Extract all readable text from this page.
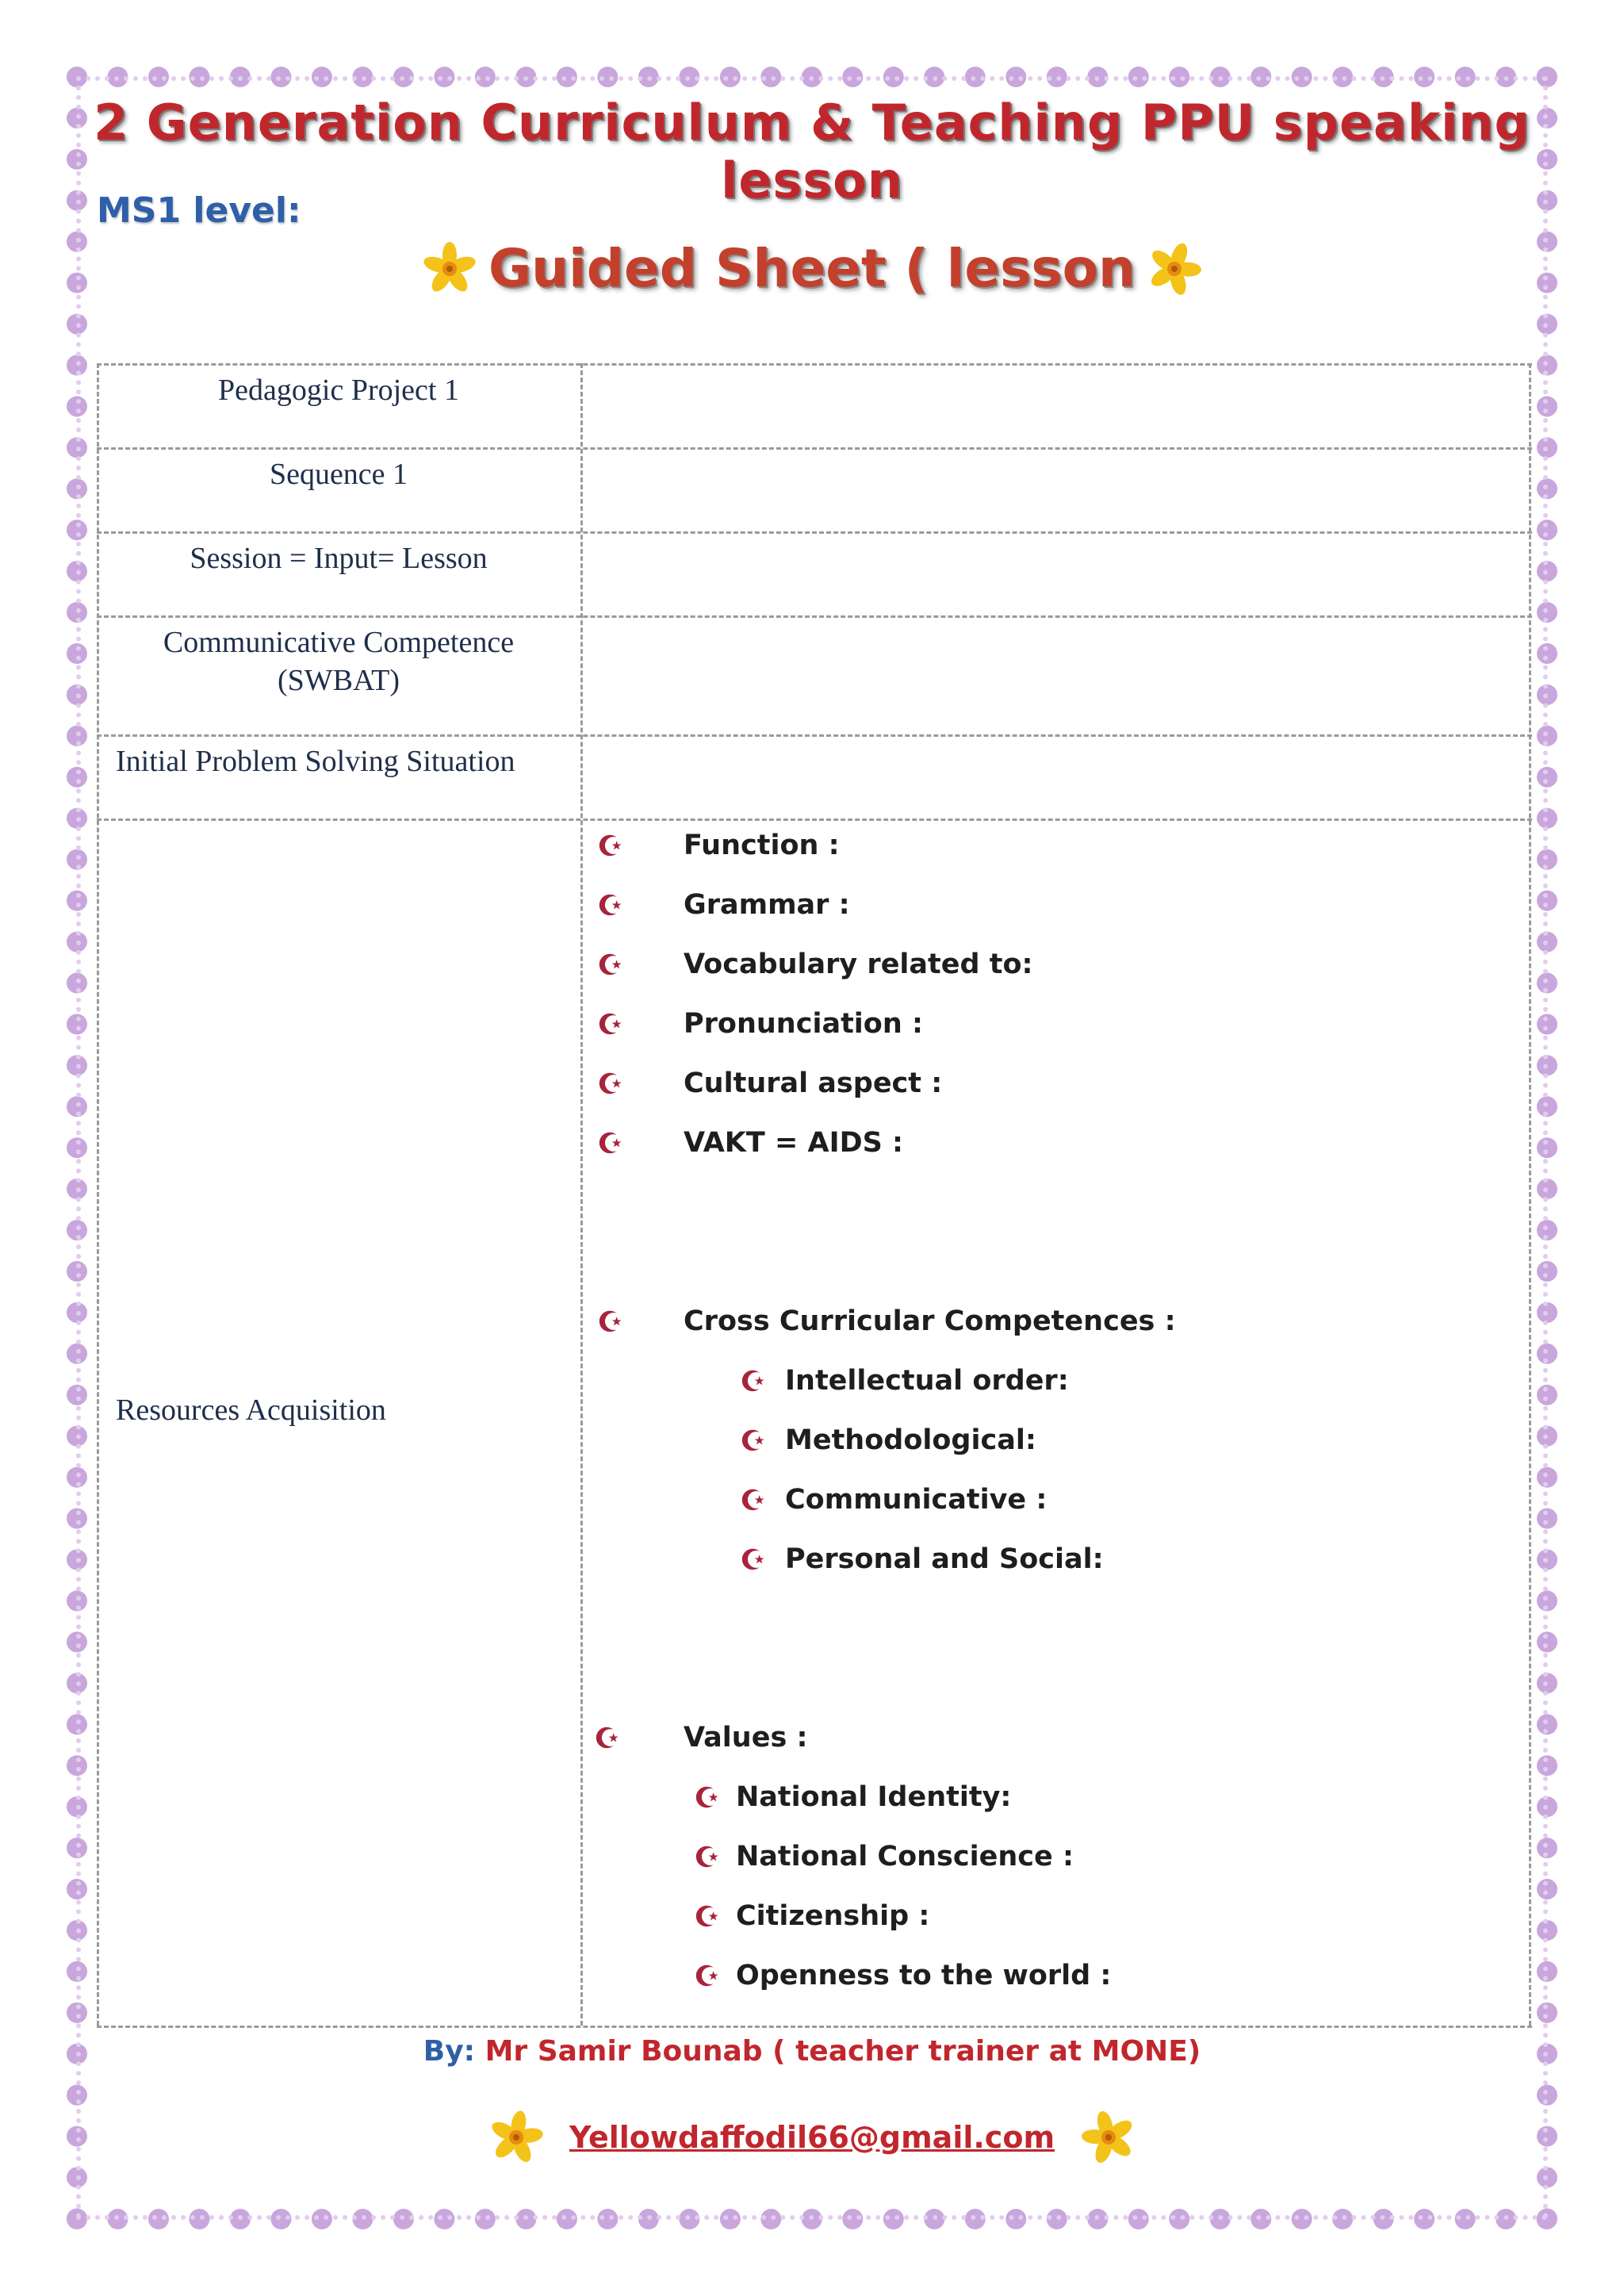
2 Generation Curriculum & Teaching PPU speaking lesson
MS1 level:
Guided Sheet ( lesson
Pedagogic Project 1
Sequence 1
Session = Input= Lesson
Communicative Competence
(SWBAT)
Initial Problem Solving Situation
Resources Acquisition
Function :
Grammar :
Vocabulary related to:
Pronunciation :
Cultural aspect :
VAKT = AIDS :
Cross Curricular Competences :
Intellectual order:
Methodological:
Communicative :
Personal and Social:
Values :
National Identity:
National Conscience :
Citizenship :
Openness to the world :
By: Mr Samir Bounab ( teacher trainer at MONE)
Yellowdaffodil66@gmail.com
